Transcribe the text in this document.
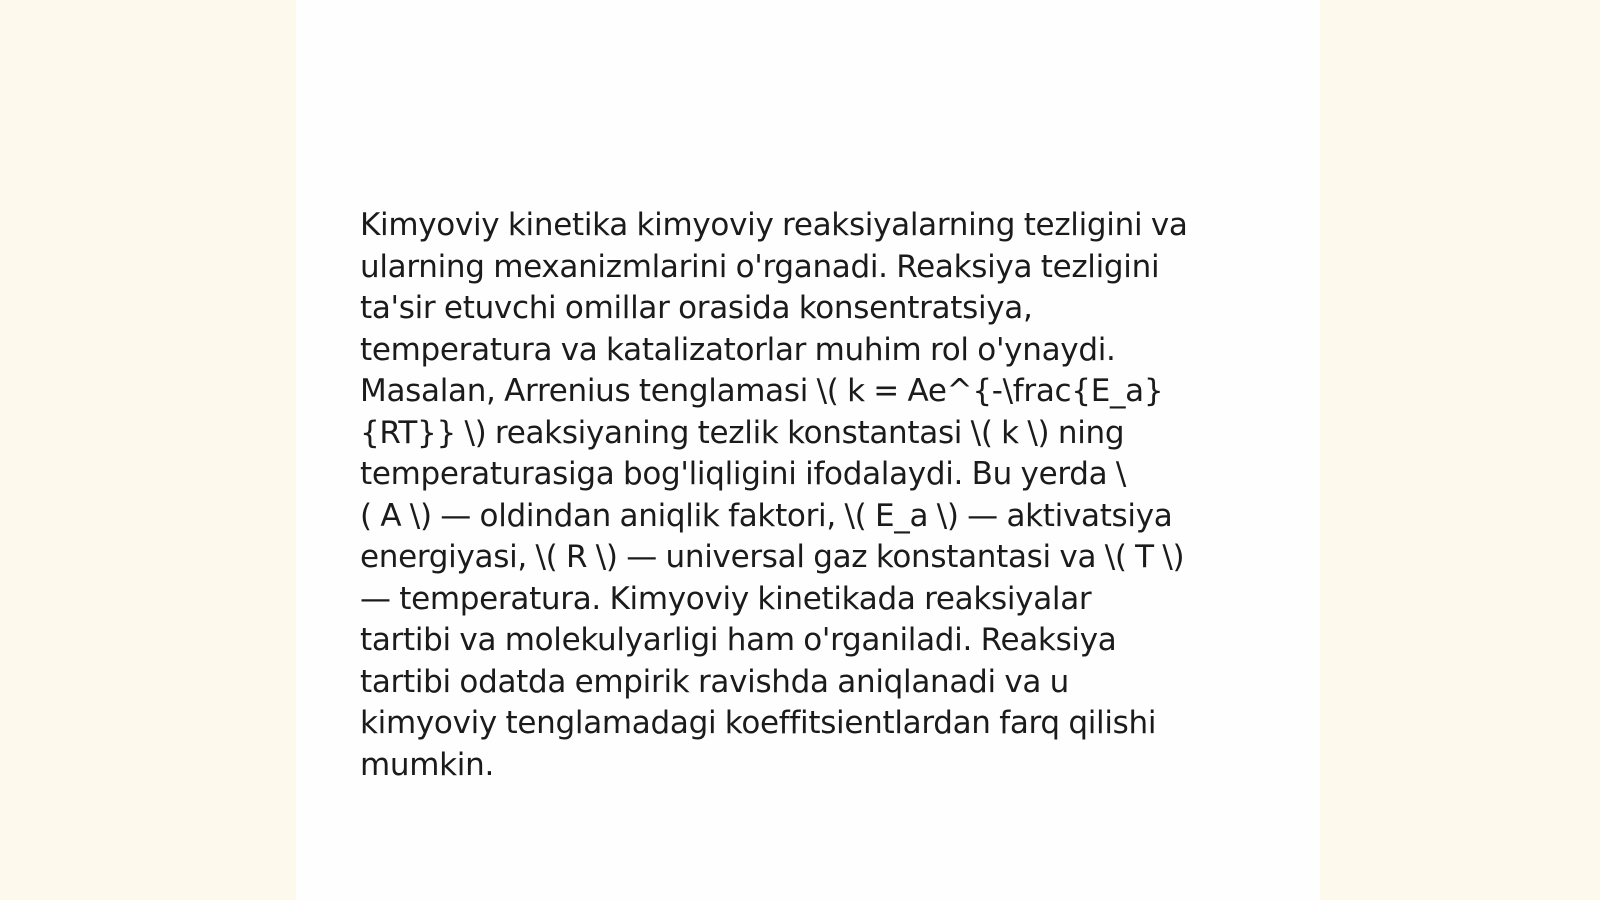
Kimyoviy kinetika kimyoviy reaksiyalarning tezligini va
ularning mexanizmlarini o'rganadi. Reaksiya tezligini
ta'sir etuvchi omillar orasida konsentratsiya,
temperatura va katalizatorlar muhim rol o'ynaydi.
Masalan, Arrenius tenglamasi \( k = Ae^{-\frac{E_a}
{RT}} \) reaksiyaning tezlik konstantasi \( k \) ning
temperaturasiga bog'liqligini ifodalaydi. Bu yerda \
( A \) — oldindan aniqlik faktori, \( E_a \) — aktivatsiya
energiyasi, \( R \) — universal gaz konstantasi va \( T \)
— temperatura. Kimyoviy kinetikada reaksiyalar
tartibi va molekulyarligi ham o'rganiladi. Reaksiya
tartibi odatda empirik ravishda aniqlanadi va u
kimyoviy tenglamadagi koeffitsientlardan farq qilishi
mumkin.
